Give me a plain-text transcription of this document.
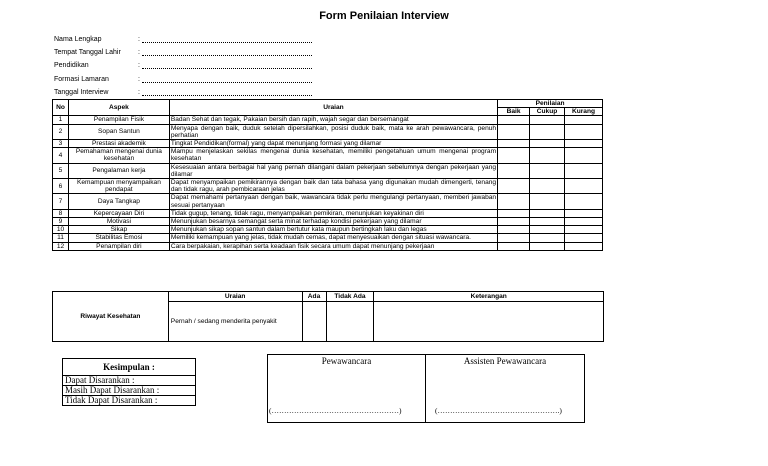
Form Penilaian Interview
Nama Lengkap	:
Tempat Tanggal Lahir	:
Pendidikan	:
Formasi Lamaran	:
Tanggal Interview	:
No	Aspek	Uraian	Penilaian		
			Baik	Cukup	Kurang
1	Penampilan Fisik	Badan Sehat dan tegak, Pakaian bersih dan rapih, wajah segar dan bersemangat			
2	Sopan Santun	Menyapa dengan baik, duduk setelah dipersilahkan, posisi duduk baik, mata ke arah pewawancara, penuh perhatian			
3	Prestasi akademik	Tingkat Pendidikan(formal) yang dapat menunjang formasi yang dilamar			
4	Pemahaman mengenai dunia kesehatan	Mampu menjelaskan sekilas mengenai dunia kesehatan, memiliki pengetahuan umum mengenai program kesehatan			
5	Pengalaman kerja	Kesesuaian antara berbagai hal yang pernah dilangani dalam pekerjaan sebelumnya dengan pekerjaan yang dilamar			
6	Kemampuan menyampaikan pendapat	Dapat menyampaikan pemikirannya dengan baik dan tata bahasa yang digunakan mudah dimengerti, tenang dan tidak ragu, arah pembicaraan jelas			
7	Daya Tangkap	Dapat memahami pertanyaan dengan baik, wawancara tidak perlu mengulangi pertanyaan, memberi jawaban sesuai pertanyaan			
8	Kepercayaan Diri	Tidak gugup, tenang, tidak ragu, menyampaikan pemikiran, menunjukan keyakinan diri			
9	Motivasi	Menunjukan besarnya semangat serta minat terhadap kondisi pekerjaan yang dilamar			
10	Sikap	Menunjukan sikap sopan santun dalam bertutur kata maupun bertingkah laku dan legas			
11	Stabilitas Emosi	Memiliki kemampuan yang jelas, tidak mudah cemas, dapat menyesuaikan dengan situasi wawancara.			
12	Penampilan diri	Cara berpakaian, kerapihan serta keadaan fisik secara umum dapat menunjang pekerjaan			
Riwayat Kesehatan	Uraian	Ada	Tidak Ada	Keterangan
	Pernah / sedang menderita penyakit			
Kesimpulan :
Dapat Disarankan :
Masih Dapat Disarankan :
Tidak Dapat Disarankan :
Pewawancara
(……………………………………………)

Assisten Pewawancara
(………………………………………….)
